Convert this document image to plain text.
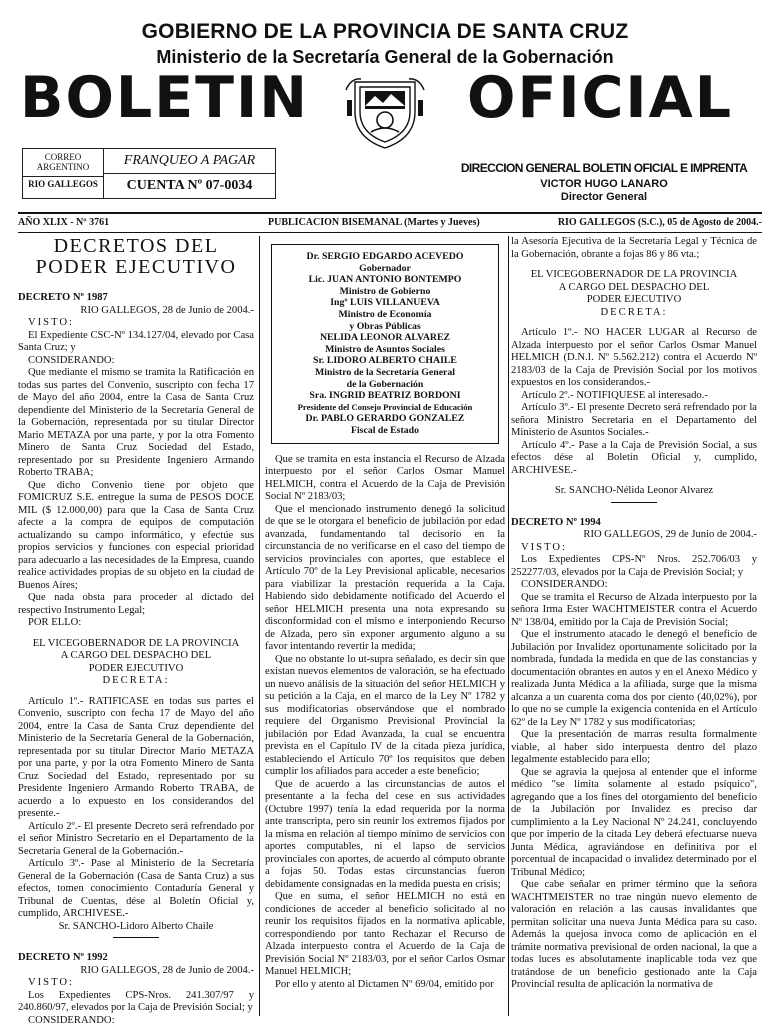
GOBIERNO DE LA PROVINCIA DE SANTA CRUZ
Ministerio de la Secretaría General de la Gobernación
BOLETIN	OFICIAL
CORREO ARGENTINO
RIO GALLEGOS
FRANQUEO A PAGAR
CUENTA Nº 07-0034
DIRECCION GENERAL BOLETIN OFICIAL E IMPRENTA
VICTOR HUGO LANARO
Director General
AÑO XLIX - Nº 3761	PUBLICACION BISEMANAL (Martes y Jueves)	RIO GALLEGOS (S.C.), 05 de Agosto de 2004.-
DECRETOS DEL PODER EJECUTIVO

DECRETO Nº 1987

RIO GALLEGOS, 28 de Junio de 2004.-

VISTO:

El Expediente CSC-Nº 134.127/04, elevado por Casa Santa Cruz; y

CONSIDERANDO:

Que mediante el mismo se tramita la Ratificación en todas sus partes del Convenio, suscripto con fecha 17 de Mayo del año 2004, entre la Casa de Santa Cruz dependiente del Ministerio de la Secretaría General de la Gobernación, representada por su titular Director Mario METAZA por una parte, y por la otra Fomento Minero de Santa Cruz Sociedad del Estado, representado por su Presidente Ingeniero Armando Roberto TRABA;

Que dicho Convenio tiene por objeto que FOMICRUZ S.E. entregue la suma de PESOS DOCE MIL ($ 12.000,00) para que la Casa de Santa Cruz afecte a la compra de equipos de computación actualizando su campo informático, y efectúe sus propios servicios y funciones con especial prioridad para adecuarlo a las necesidades de la Empresa, cuando realice actividades propias de su objeto en la ciudad de Buenos Aires;

Que nada obsta para proceder al dictado del respectivo Instrumento Legal;

POR ELLO:

EL VICEGOBERNADOR DE LA PROVINCIA

A CARGO DEL DESPACHO DEL

PODER EJECUTIVO

DECRETA:

Artículo 1º.- RATIFICASE en todas sus partes el Convenio, suscripto con fecha 17 de Mayo del año 2004, entre la Casa de Santa Cruz dependiente del Ministerio de la Secretaría General de la Gobernación, representada por su titular Director Mario METAZA por una parte, y por la otra Fomento Minero de Santa Cruz Sociedad del Estado, representado por su Presidente Ingeniero Armando Roberto TRABA, de acuerdo a lo expuesto en los considerandos del presente.-

Artículo 2º.- El presente Decreto será refrendado por el señor Ministro Secretario en el Departamento de la Secretaría General de la Gobernación.-

Artículo 3º.- Pase al Ministerio de la Secretaría General de la Gobernación (Casa de Santa Cruz) a sus efectos, tomen conocimiento Contaduría General y Tribunal de Cuentas, dése al Boletín Oficial y, cumplido, ARCHIVESE.-

Sr. SANCHO-Lidoro Alberto Chaile

DECRETO Nº 1992

RIO GALLEGOS, 28 de Junio de 2004.-

VISTO:

Los Expedientes CPS-Nros. 241.307/97 y 240.860/97, elevados por la Caja de Previsión Social; y

CONSIDERANDO:

Dr. SERGIO EDGARDO ACEVEDO
Gobernador
Lic. JUAN ANTONIO BONTEMPO
Ministro de Gobierno
Ingº LUIS VILLANUEVA
Ministro de Economía
y Obras Públicas
NELIDA LEONOR ALVAREZ
Ministro de Asuntos Sociales
Sr. LIDORO ALBERTO CHAILE
Ministro de la Secretaría General
de la Gobernación
Sra. INGRID BEATRIZ BORDONI
Presidente del Consejo Provincial de Educación
Dr. PABLO GERARDO GONZALEZ
Fiscal de Estado

Que se tramita en esta instancia el Recurso de Alzada interpuesto por el señor Carlos Osmar Manuel HELMICH, contra el Acuerdo de la Caja de Previsión Social Nº 2183/03;

Que el mencionado instrumento denegó la solicitud de que se le otorgara el beneficio de jubilación por edad avanzada, fundamentando tal decisorio en la circunstancia de no verificarse en el caso del tiempo de servicios provinciales con aportes, que establece el Artículo 70º de la Ley Previsional aplicable, necesarios para viabilizar la prestación requerida a la Caja. Habiendo sido debidamente notificado del Acuerdo el señor HELMICH presenta una nota expresando su disconformidad con el mismo e interponiendo Recurso de Alzada, pero sin exponer argumento alguno a su favor intentando revertir la medida;

Que no obstante lo ut-supra señalado, es decir sin que existan nuevos elementos de valoración, se ha efectuado un nuevo análisis de la situación del señor HELMICH y su petición a la Caja, en el marco de la Ley Nº 1782 y sus modificatorias observándose que el nombrado requiere del Organismo Previsional Provincial la jubilación por Edad Avanzada, la cual se encuentra prevista en el Capítulo IV de la citada pieza jurídica, estableciendo el Artículo 70º los requisitos que deben cumplir los afiliados para acceder a este beneficio;

Que de acuerdo a las circunstancias de autos el presentante a la fecha del cese en sus actividades (Octubre 1997) tenía la edad requerida por la norma ante transcripta, pero sin reunir los extremos fijados por la misma en relación al tiempo mínimo de servicios con aportes computables, ni el lapso de servicios provinciales con aportes, de acuerdo al cómputo obrante a fojas 50. Todas estas circunstancias fueron debidamente consignadas en la medida puesta en crisis;

Que en suma, el señor HELMICH no está en condiciones de acceder al beneficio solicitado al no reunir los requisitos fijados en la normativa aplicable, correspondiendo por tanto Rechazar el Recurso de Alzada interpuesto contra el Acuerdo de la Caja de Previsión Social Nº 2183/03, por el señor Carlos Osmar Manuel HELMICH;

Por ello y atento al Dictamen Nº 69/04, emitido por

la Asesoría Ejecutiva de la Secretaría Legal y Técnica de la Gobernación, obrante a fojas 86 y 86 vta.;

EL VICEGOBERNADOR DE LA PROVINCIA

A CARGO DEL DESPACHO DEL

PODER EJECUTIVO

DECRETA:

Artículo 1º.- NO HACER LUGAR al Recurso de Alzada interpuesto por el señor Carlos Osmar Manuel HELMICH (D.N.I. Nº 5.562.212) contra el Acuerdo Nº 2183/03 de la Caja de Previsión Social por los motivos expuestos en los considerandos.-

Artículo 2º.- NOTIFIQUESE al interesado.-

Artículo 3º.- El presente Decreto será refrendado por la señora Ministro Secretaria en el Departamento del Ministerio de Asuntos Sociales.-

Artículo 4º.- Pase a la Caja de Previsión Social, a sus efectos dése al Boletín Oficial y, cumplido, ARCHIVESE.-

Sr. SANCHO-Nélida Leonor Alvarez

DECRETO Nº 1994

RIO GALLEGOS, 29 de Junio de 2004.-

VISTO:

Los Expedientes CPS-Nº Nros. 252.706/03 y 252277/03, elevados por la Caja de Previsión Social; y

CONSIDERANDO:

Que se tramita el Recurso de Alzada interpuesto por la señora Irma Ester WACHTMEISTER contra el Acuerdo Nº 138/04, emitido por la Caja de Previsión Social;

Que el instrumento atacado le denegó el beneficio de Jubilación por Invalidez oportunamente solicitado por la nombrada, fundada la medida en que de las constancias y documentación obrantes en autos y en el Anexo Médico y realizada Junta Médica a la afiliada, surge que la misma alcanza a un cuarenta coma dos por ciento (40,02%), por lo que no se cumple la exigencia contenida en el Artículo 62º de la Ley Nº 1782 y sus modificatorias;

Que la presentación de marras resulta formalmente viable, al haber sido interpuesta dentro del plazo legalmente establecido para ello;

Que se agravia la quejosa al entender que el informe médico "se limita solamente al estado psíquico", agregando que a los fines del otorgamiento del beneficio de la Jubilación por Invalidez es preciso dar cumplimiento a la Ley Nacional Nº 24.241, concluyendo que por imperio de la citada Ley deberá efectuarse nueva Junta Médica, agraviándose en definitiva por el porcentual de incapacidad o invalidez determinado por el Tribunal Médico;

Que cabe señalar en primer término que la señora WACHTMEISTER no trae ningún nuevo elemento de valoración en relación a las causas invalidantes que permitan solicitar una nueva Junta Médica para su caso. Además la quejosa invoca como de aplicación en el trámite normativa previsional de orden nacional, la que a todas luces es absolutamente inaplicable toda vez que tratándose de un beneficio gestionado ante la Caja Provincial resulta de aplicación la normativa de
